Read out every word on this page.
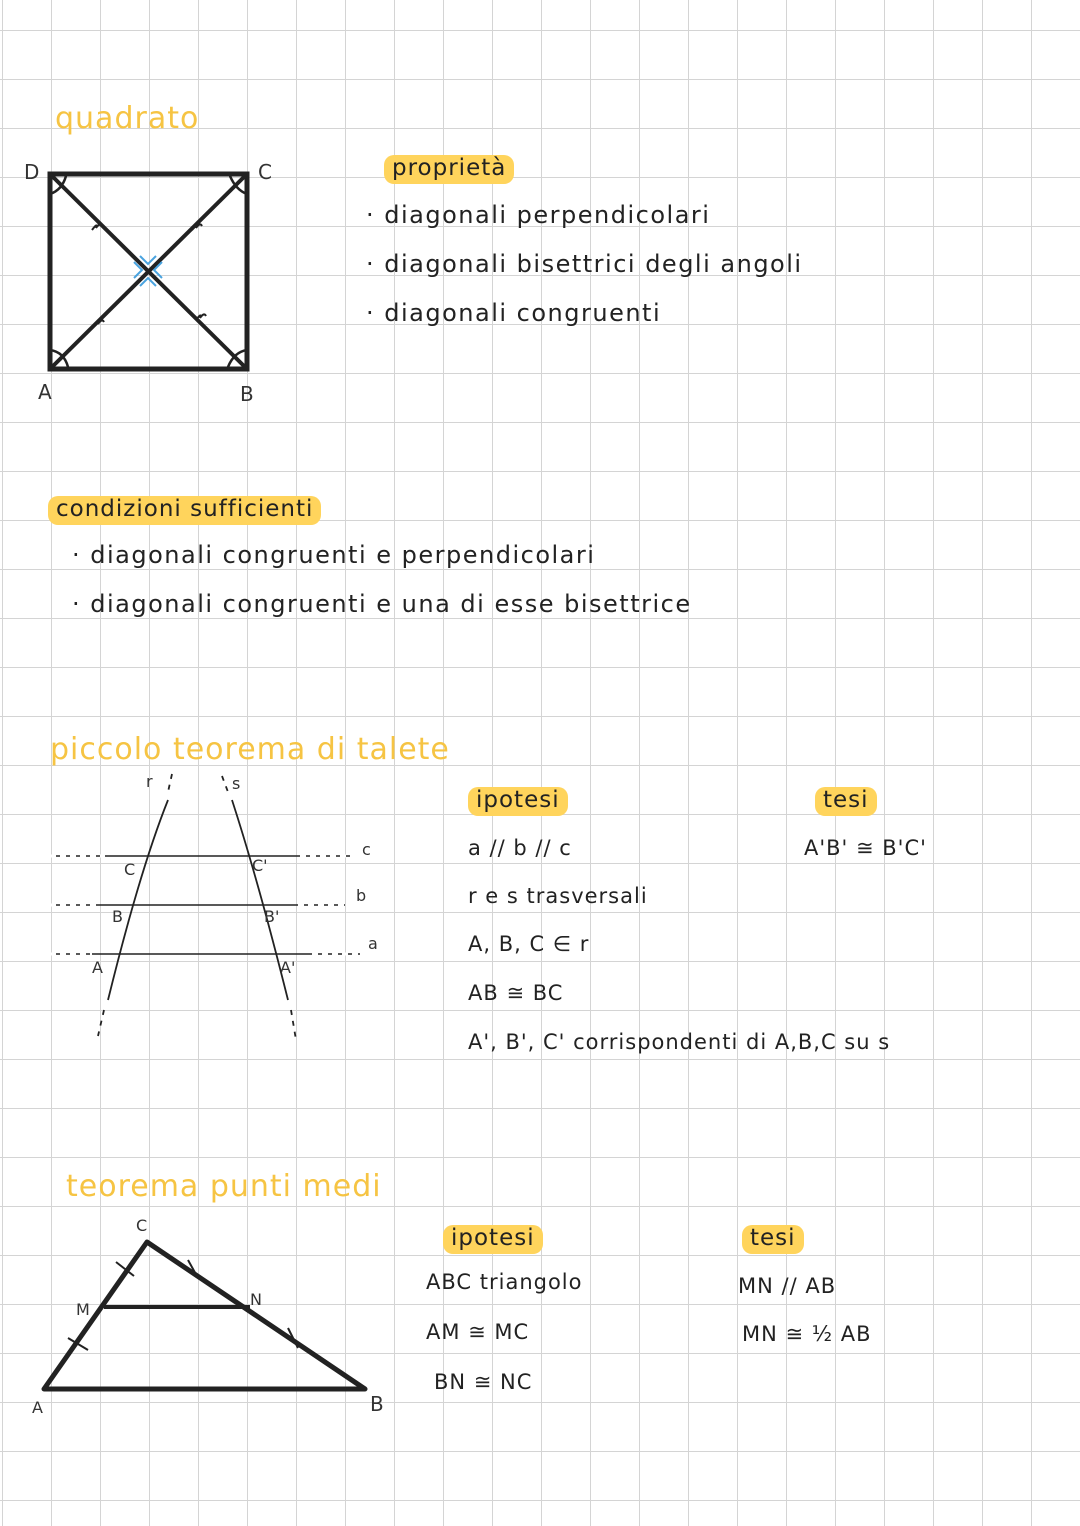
quadrato
D	C
A	B
proprietà
· diagonali perpendicolari
· diagonali bisettrici degli angoli
· diagonali congruenti
condizioni sufficienti
· diagonali congruenti e perpendicolari
· diagonali congruenti e una di esse bisettrice
piccolo teorema di talete
r	s
c
b
a
C
B
A
C'
B'
A'
ipotesi	tesi
a // b // c
r e s trasversali
A, B, C ∈ r
AB ≅ BC
A', B', C' corrispondenti di A,B,C su s
A'B' ≅ B'C'
teorema punti medi
C
M
N
A	B
ipotesi	tesi
ABC triangolo
AM ≅ MC
BN ≅ NC
MN // AB
MN ≅ ½ AB
